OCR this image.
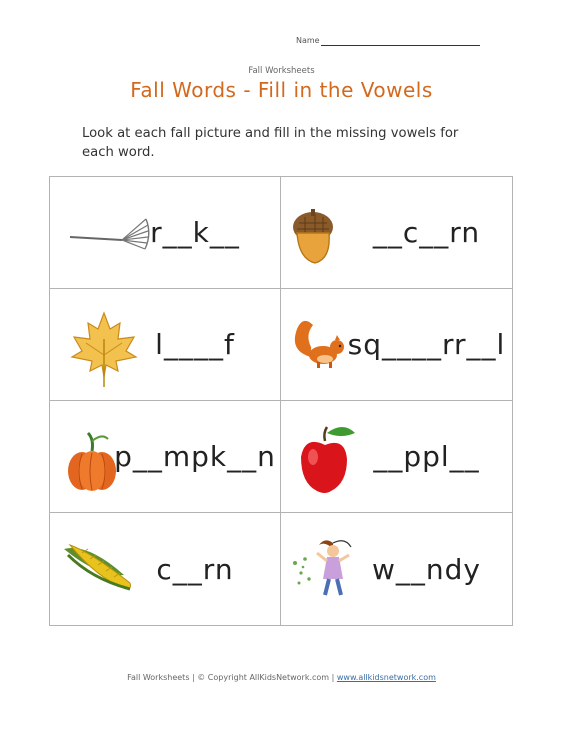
Name
Fall Worksheets
Fall Words - Fill in the Vowels
Look at each fall picture and fill in the missing vowels for each word.
r__k__	__c__rn
l____f	sq____rr__l
p__mpk__n	__ppl__
c__rn	w__ndy
Fall Worksheets | © Copyright AllKidsNetwork.com | www.allkidsnetwork.com
